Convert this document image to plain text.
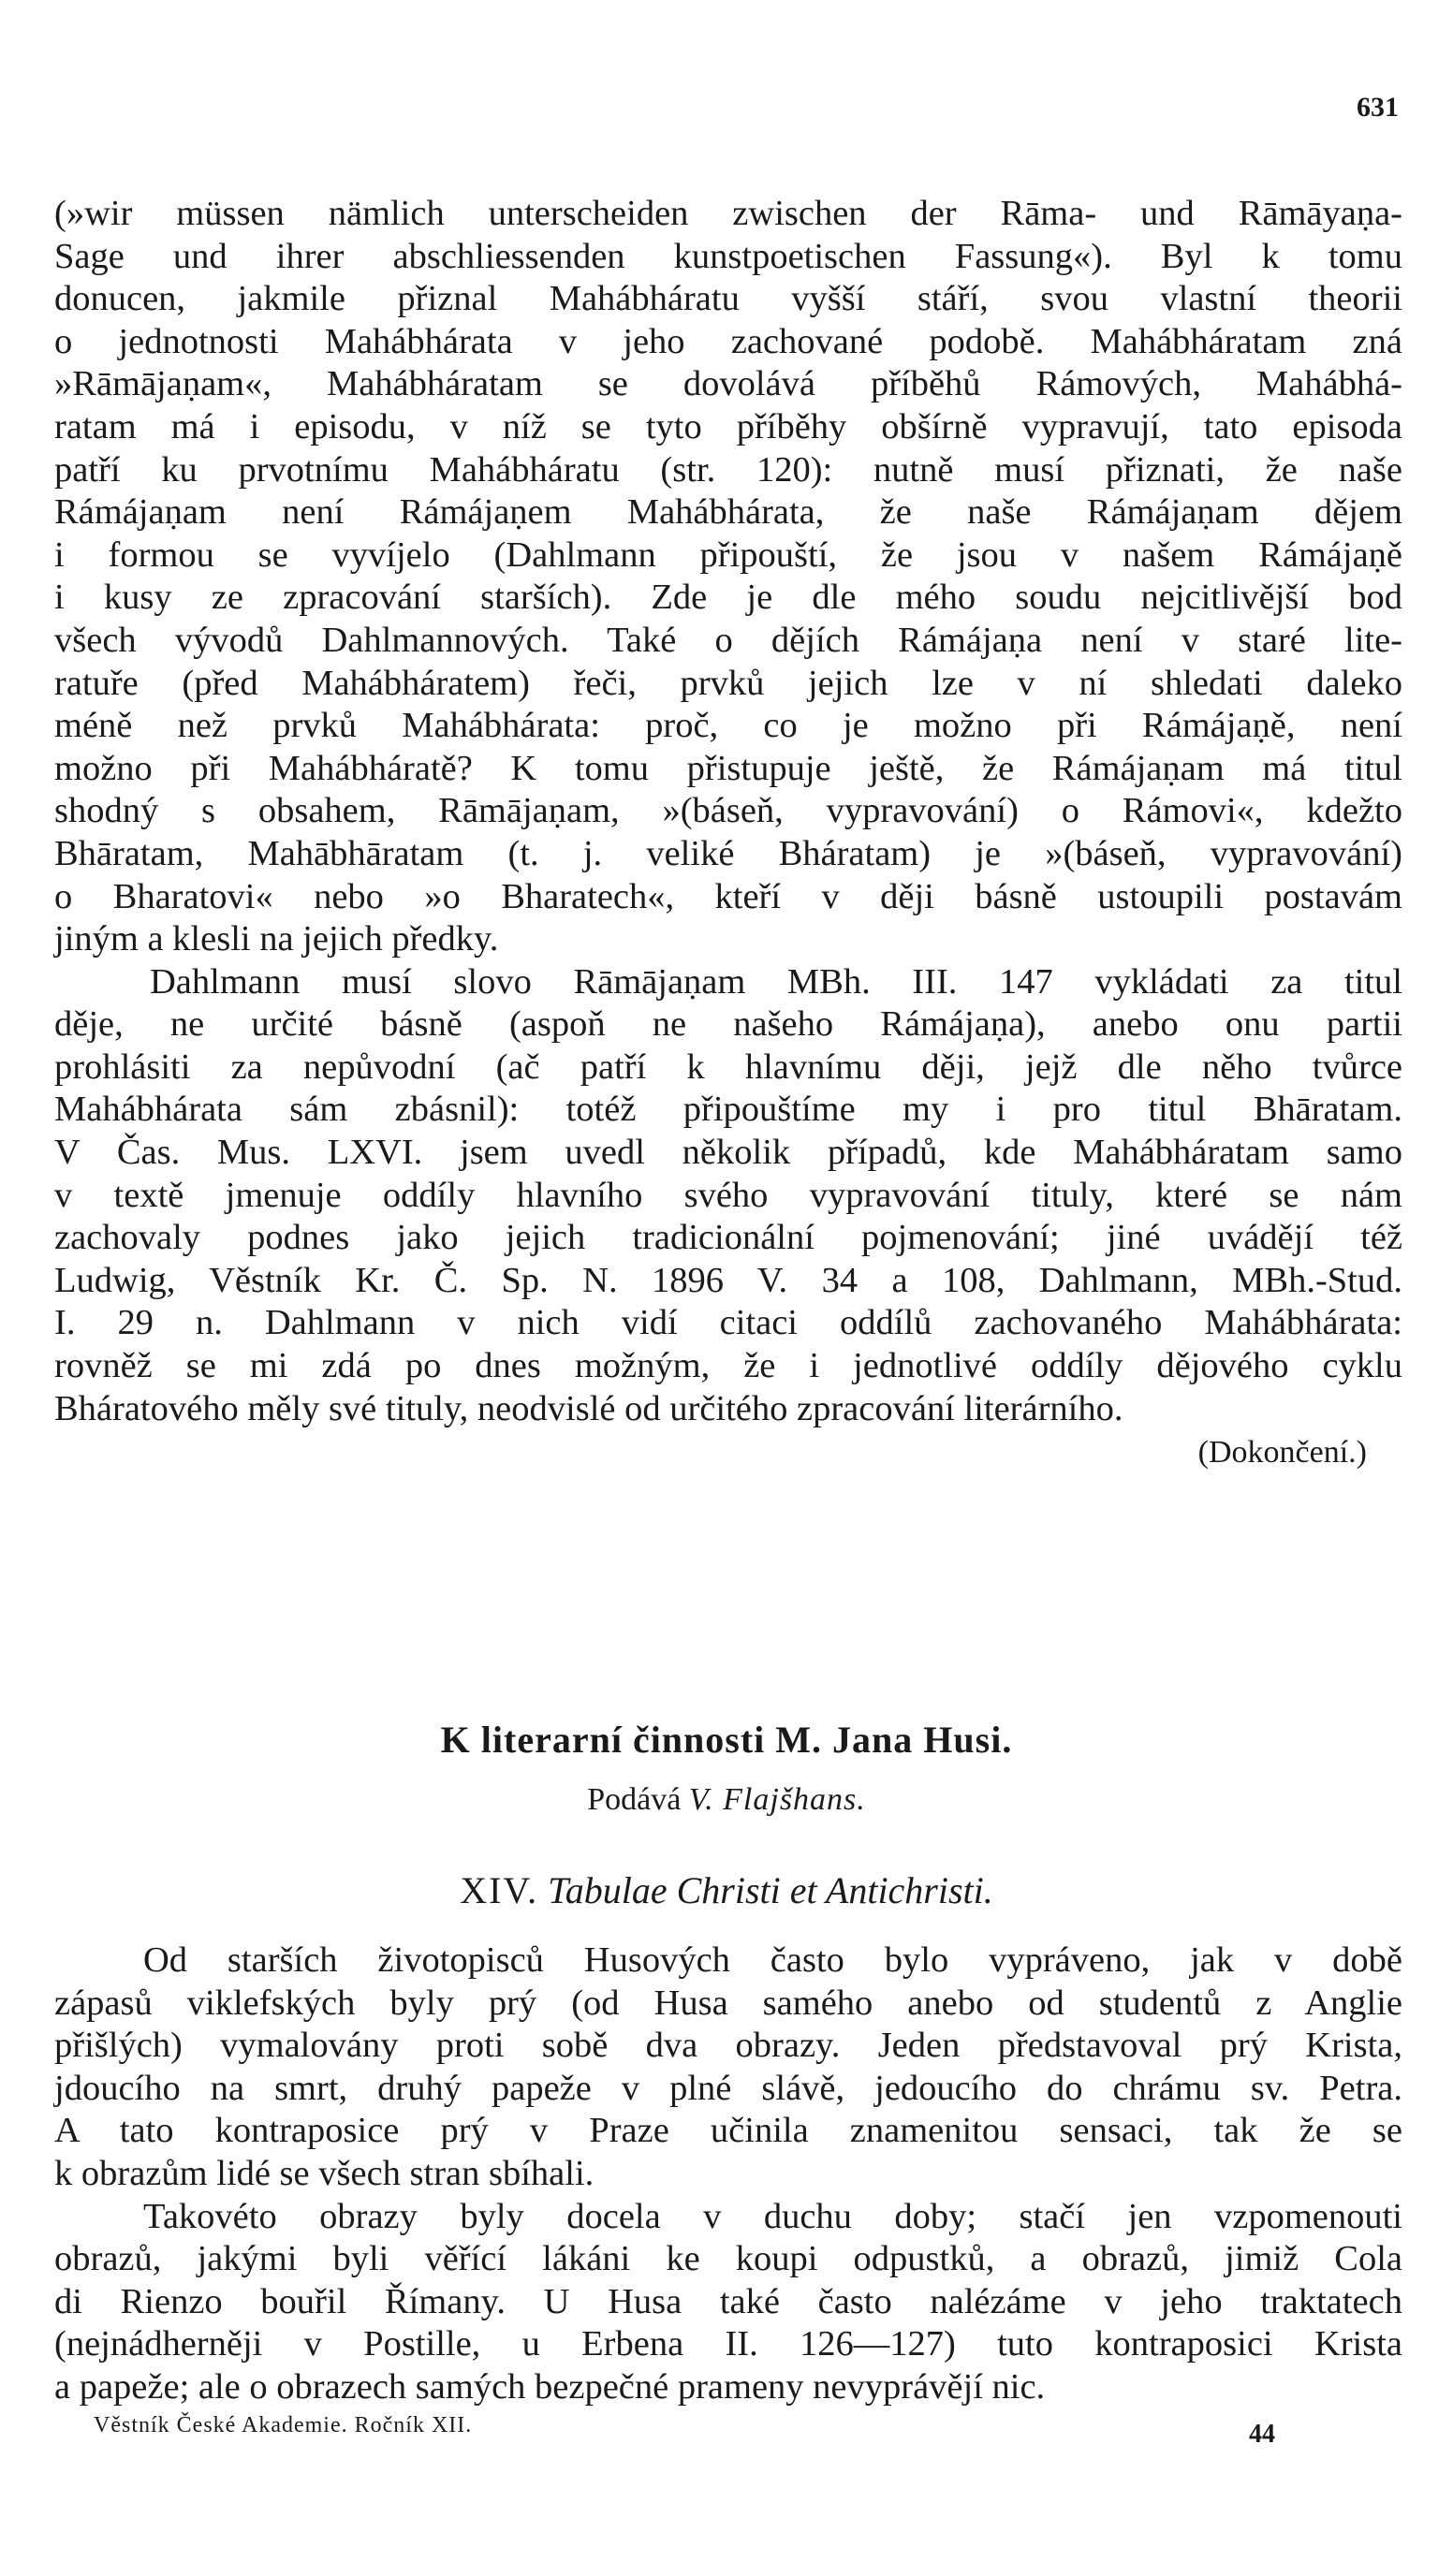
631
(»wir müssen nämlich unterscheiden zwischen der Rāma- und Rāmāyaṇa-
Sage und ihrer abschliessenden kunstpoetischen Fassung«). Byl k tomu
donucen, jakmile přiznal Mahábháratu vyšší stáří, svou vlastní theorii
o jednotnosti Mahábhárata v jeho zachované podobě. Mahábháratam zná
»Rāmājaṇam«, Mahábháratam se dovolává příběhů Rámových, Mahábhá-
ratam má i episodu, v níž se tyto příběhy obšírně vypravují, tato episoda
patří ku prvotnímu Mahábháratu (str. 120): nutně musí přiznati, že naše
Rámájaṇam není Rámájaṇem Mahábhárata, že naše Rámájaṇam dějem
i formou se vyvíjelo (Dahlmann připouští, že jsou v našem Rámájaṇě
i kusy ze zpracování starších). Zde je dle mého soudu nejcitlivější bod
všech vývodů Dahlmannových. Také o dějích Rámájaṇa není v staré lite-
ratuře (před Mahábháratem) řeči, prvků jejich lze v ní shledati daleko
méně než prvků Mahábhárata: proč, co je možno při Rámájaṇě, není
možno při Mahábháratě? K tomu přistupuje ještě, že Rámájaṇam má titul
shodný s obsahem, Rāmājaṇam, »(báseň, vypravování) o Rámovi«, kdežto
Bhāratam, Mahābhāratam (t. j. veliké Bháratam) je »(báseň, vypravování)
o Bharatovi« nebo »o Bharatech«, kteří v ději básně ustoupili postavám
jiným a klesli na jejich předky.
Dahlmann musí slovo Rāmājaṇam MBh. III. 147 vykládati za titul
děje, ne určité básně (aspoň ne našeho Rámájaṇa), anebo onu partii
prohlásiti za nepůvodní (ač patří k hlavnímu ději, jejž dle něho tvůrce
Mahábhárata sám zbásnil): totéž připouštíme my i pro titul Bhāratam.
V Čas. Mus. LXVI. jsem uvedl několik případů, kde Mahábháratam samo
v textě jmenuje oddíly hlavního svého vypravování tituly, které se nám
zachovaly podnes jako jejich tradicionální pojmenování; jiné uvádějí též
Ludwig, Věstník Kr. Č. Sp. N. 1896 V. 34 a 108, Dahlmann, MBh.-Stud.
I. 29 n. Dahlmann v nich vidí citaci oddílů zachovaného Mahábhárata:
rovněž se mi zdá po dnes možným, že i jednotlivé oddíly dějového cyklu
Bháratového měly své tituly, neodvislé od určitého zpracování literárního.
(Dokončení.)
K literarní činnosti M. Jana Husi.
Podává V. Flajšhans.
XIV. Tabulae Christi et Antichristi.
Od starších životopisců Husových často bylo vypráveno, jak v době
zápasů viklefských byly prý (od Husa samého anebo od studentů z Anglie
přišlých) vymalovány proti sobě dva obrazy. Jeden představoval prý Krista,
jdoucího na smrt, druhý papeže v plné slávě, jedoucího do chrámu sv. Petra.
A tato kontraposice prý v Praze učinila znamenitou sensaci, tak že se
k obrazům lidé se všech stran sbíhali.
Takovéto obrazy byly docela v duchu doby; stačí jen vzpomenouti
obrazů, jakými byli věřící lákáni ke koupi odpustků, a obrazů, jimiž Cola
di Rienzo bouřil Římany. U Husa také často nalézáme v jeho traktatech
(nejnádherněji v Postille, u Erbena II. 126—127) tuto kontraposici Krista
a papeže; ale o obrazech samých bezpečné prameny nevyprávějí nic.
Věstník České Akademie. Ročník XII.	44
